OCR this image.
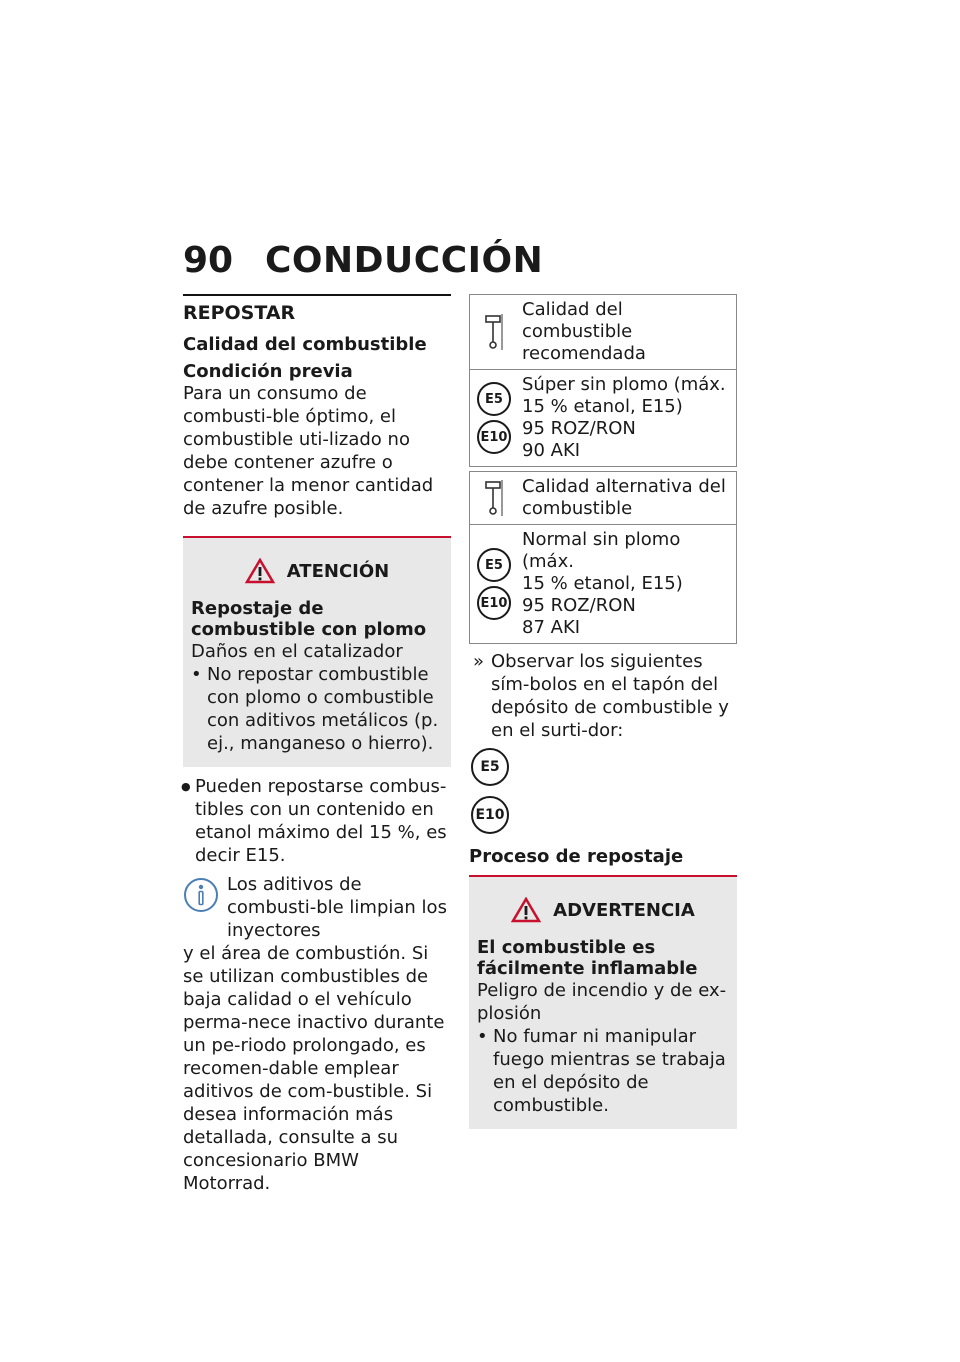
90 CONDUCCIÓN
REPOSTAR
Calidad del combustible
Condición previa

Para un consumo de combusti-ble óptimo, el combustible uti-lizado no debe contener azufre o contener la menor cantidad de azufre posible.

ATENCIÓN
Repostaje de combustible con plomo

Daños en el catalizador

• No repostar combustible con plomo o combustible con aditivos metálicos (p. ej., manganeso o hierro).
● Pueden repostarse combus-tibles con un contenido en etanol máximo del 15 %, es decir E15.

Los aditivos de combusti-ble limpian los inyectores

y el área de combustión. Si se utilizan combustibles de baja calidad o el vehículo perma-nece inactivo durante un pe-riodo prolongado, es recomen-dable emplear aditivos de com-bustible. Si desea información más detallada, consulte a su concesionario BMW Motorrad.

Calidad del combustible recomendada
E5
E10
Súper sin plomo (máx.
15 % etanol, E15)
95 ROZ/RON
90 AKI
Calidad alternativa del combustible
E5
E10
Normal sin plomo (máx.
15 % etanol, E15)
95 ROZ/RON
87 AKI
» Observar los siguientes sím-bolos en el tapón del depósito de combustible y en el surti-dor:
E5
E10
Proceso de repostaje
ADVERTENCIA
El combustible es fácilmente inflamable

Peligro de incendio y de ex-plosión

• No fumar ni manipular fuego mientras se trabaja en el depósito de combustible.
